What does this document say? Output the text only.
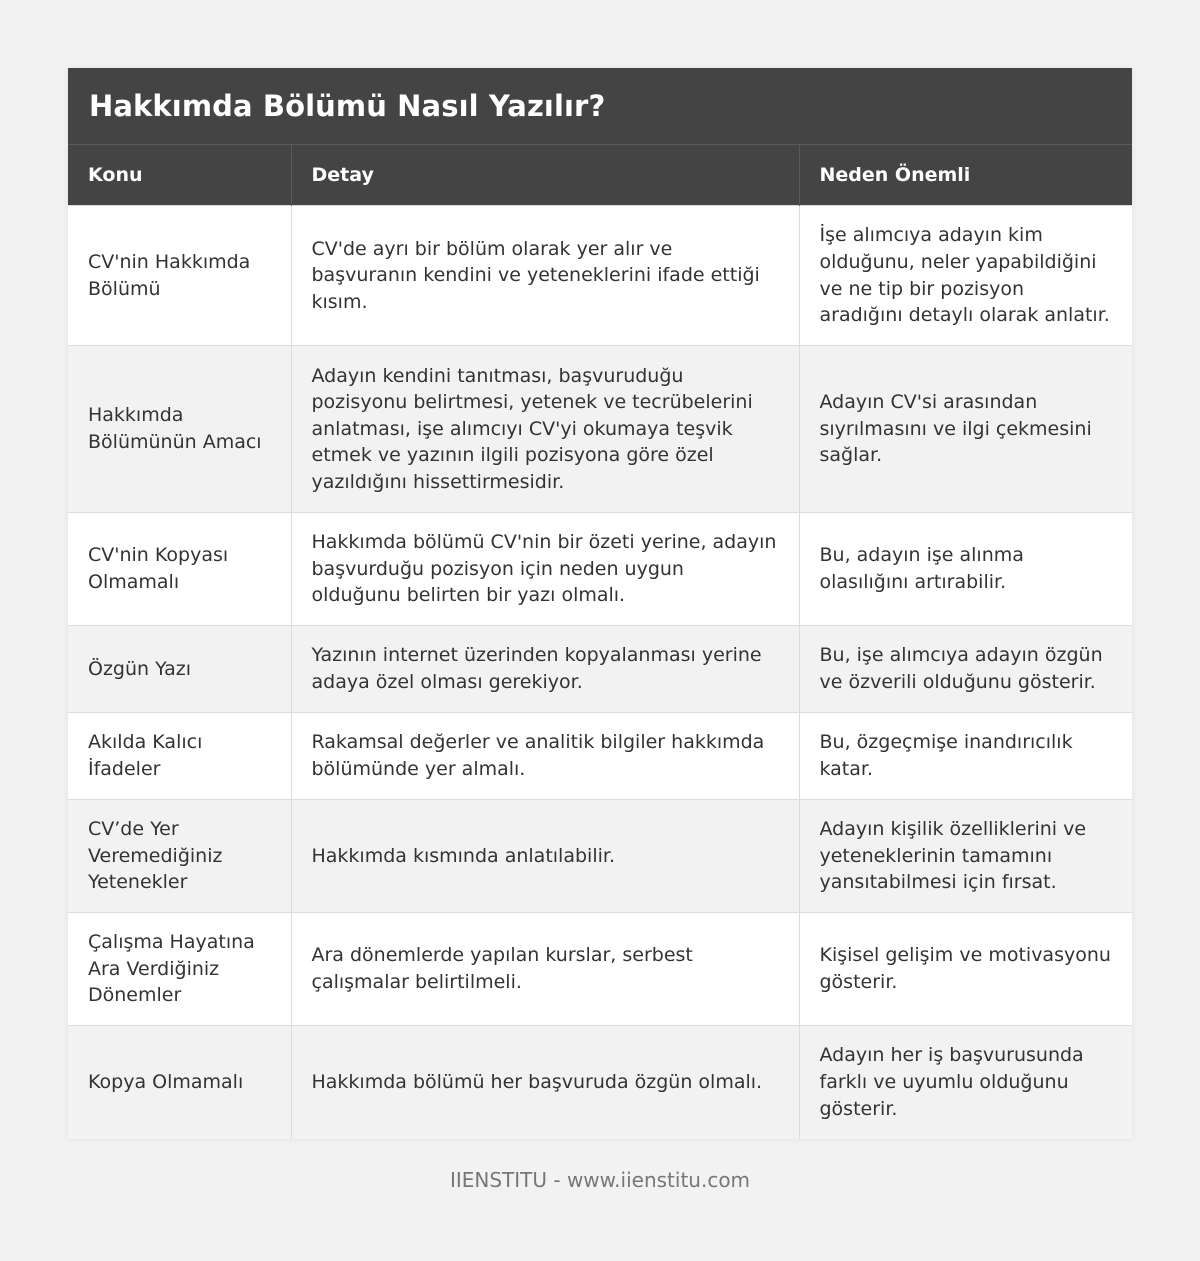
Hakkımda Bölümü Nasıl Yazılır?
Konu	Detay	Neden Önemli
CV'nin Hakkımda Bölümü	CV'de ayrı bir bölüm olarak yer alır ve başvuranın kendini ve yeteneklerini ifade ettiği kısım.	İşe alımcıya adayın kim olduğunu, neler yapabildiğini ve ne tip bir pozisyon aradığını detaylı olarak anlatır.
Hakkımda Bölümünün Amacı	Adayın kendini tanıtması, başvuruduğu pozisyonu belirtmesi, yetenek ve tecrübelerini anlatması, işe alımcıyı CV'yi okumaya teşvik etmek ve yazının ilgili pozisyona göre özel yazıldığını hissettirmesidir.	Adayın CV'si arasından sıyrılmasını ve ilgi çekmesini sağlar.
CV'nin Kopyası Olmamalı	Hakkımda bölümü CV'nin bir özeti yerine, adayın başvurduğu pozisyon için neden uygun olduğunu belirten bir yazı olmalı.	Bu, adayın işe alınma olasılığını artırabilir.
Özgün Yazı	Yazının internet üzerinden kopyalanması yerine adaya özel olması gerekiyor.	Bu, işe alımcıya adayın özgün ve özverili olduğunu gösterir.
Akılda Kalıcı İfadeler	Rakamsal değerler ve analitik bilgiler hakkımda bölümünde yer almalı.	Bu, özgeçmişe inandırıcılık katar.
CV’de Yer Veremediğiniz Yetenekler	Hakkımda kısmında anlatılabilir.	Adayın kişilik özelliklerini ve yeteneklerinin tamamını yansıtabilmesi için fırsat.
Çalışma Hayatına Ara Verdiğiniz Dönemler	Ara dönemlerde yapılan kurslar, serbest çalışmalar belirtilmeli.	Kişisel gelişim ve motivasyonu gösterir.
Kopya Olmamalı	Hakkımda bölümü her başvuruda özgün olmalı.	Adayın her iş başvurusunda farklı ve uyumlu olduğunu gösterir.
IIENSTITU - www.iienstitu.com
